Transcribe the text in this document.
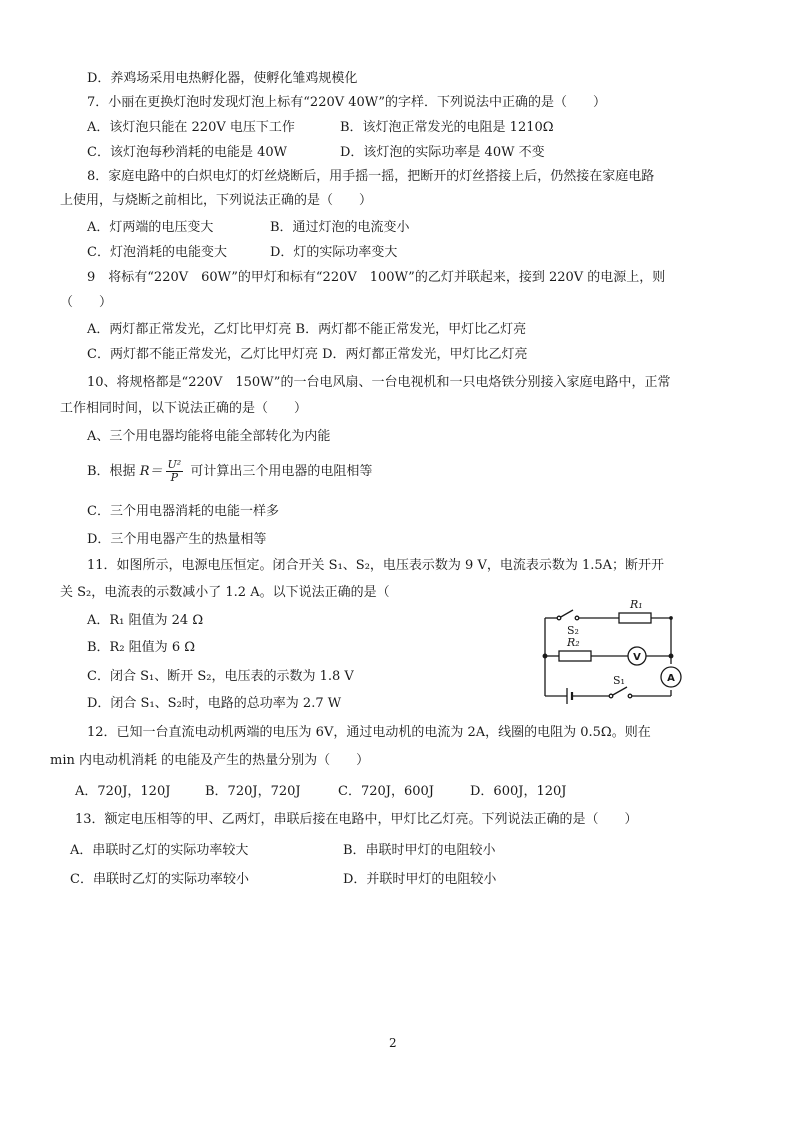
D．养鸡场采用电热孵化器，使孵化雏鸡规模化
7．小丽在更换灯泡时发现灯泡上标有“220V 40W”的字样．下列说法中正确的是（　　）
A．该灯泡只能在 220V 电压下工作	B．该灯泡正常发光的电阻是 1210Ω
C．该灯泡每秒消耗的电能是 40W	D．该灯泡的实际功率是 40W 不变
8．家庭电路中的白炽电灯的灯丝烧断后，用手摇一摇，把断开的灯丝搭接上后，仍然接在家庭电路
上使用，与烧断之前相比，下列说法正确的是（　　）
A．灯两端的电压变大	B．通过灯泡的电流变小
C．灯泡消耗的电能变大	D．灯的实际功率变大
9　将标有“220V　60W”的甲灯和标有“220V　100W”的乙灯并联起来，接到 220V 的电源上，则
（　　）
A．两灯都正常发光，乙灯比甲灯亮 B．两灯都不能正常发光，甲灯比乙灯亮
C．两灯都不能正常发光，乙灯比甲灯亮 D．两灯都正常发光，甲灯比乙灯亮
10、将规格都是“220V　150W”的一台电风扇、一台电视机和一只电烙铁分别接入家庭电路中，正常
工作相同时间，以下说法正确的是（　　）
A、三个用电器均能将电能全部转化为内能
B．根据 $R= \frac{\text{U²}}{P}$ 可计算出三个用电器的电阻相等
C．三个用电器消耗的电能一样多
D．三个用电器产生的热量相等
11．如图所示，电源电压恒定。闭合开关 S₁、S₂，电压表示数为 9 V，电流表示数为 1.5A；断开开
关 S₂，电流表的示数减小了 1.2 A。以下说法正确的是（
A．R₁ 阻值为 24 Ω
B．R₂ 阻值为 6 Ω
C．闭合 S₁、断开 S₂，电压表的示数为 1.8 V
D．闭合 S₁、S₂时，电路的总功率为 2.7 W
R₁
R₂
S₂
S₁
V
A
12．已知一台直流电动机两端的电压为 6V，通过电动机的电流为 2A，线圈的电阻为 0.5Ω。则在
min 内电动机消耗 的电能及产生的热量分别为（　　）
A．720J，120J	B．720J，720J	C．720J，600J	D．600J，120J
13．额定电压相等的甲、乙两灯，串联后接在电路中，甲灯比乙灯亮。下列说法正确的是（　　）
A．串联时乙灯的实际功率较大	B．串联时甲灯的电阻较小
C．串联时乙灯的实际功率较小	D．并联时甲灯的电阻较小
2
